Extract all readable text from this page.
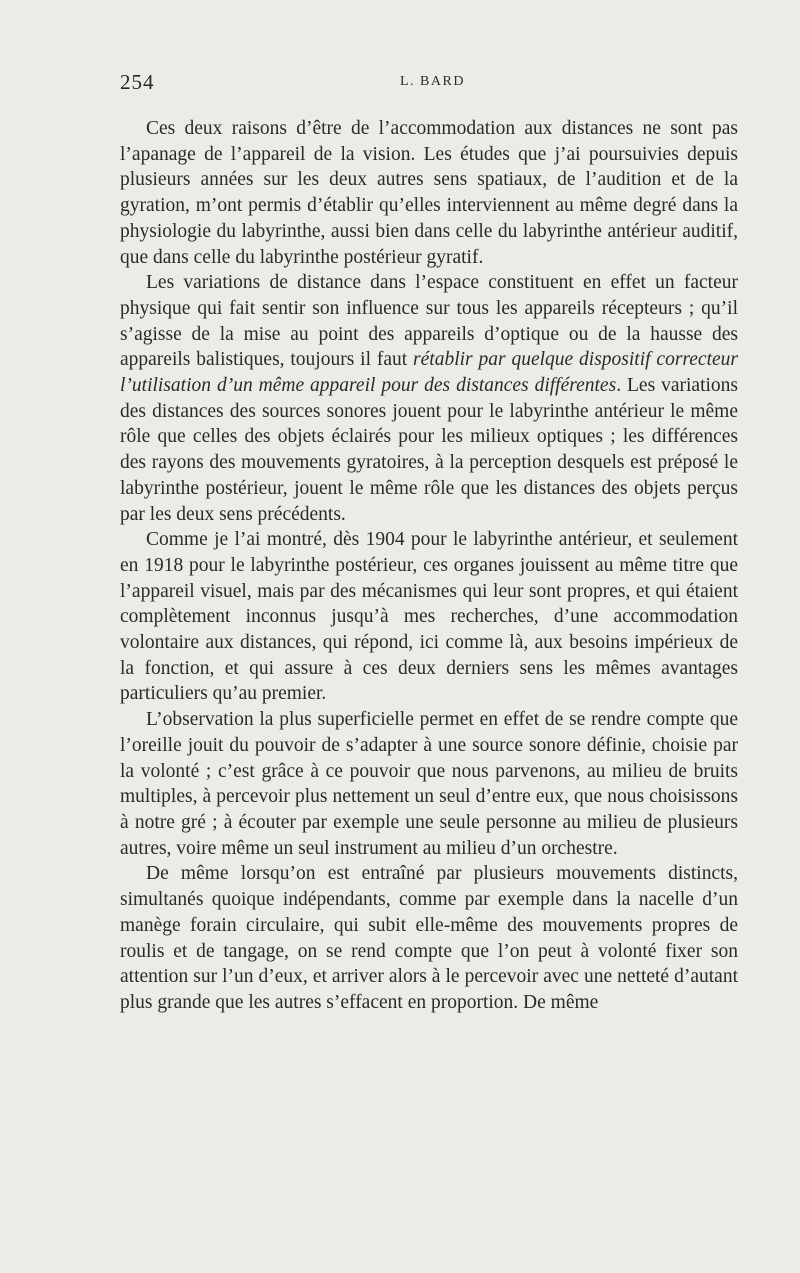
254	L. BARD

Ces deux raisons d’être de l’accommodation aux distances ne sont pas l’apanage de l’appareil de la vision. Les études que j’ai poursuivies depuis plusieurs années sur les deux autres sens spatiaux, de l’audition et de la gyration, m’ont permis d’établir qu’elles interviennent au même degré dans la physiologie du labyrinthe, aussi bien dans celle du labyrinthe antérieur auditif, que dans celle du labyrinthe postérieur gyratif.

Les variations de distance dans l’espace constituent en effet un facteur physique qui fait sentir son influence sur tous les appareils récepteurs ; qu’il s’agisse de la mise au point des appareils d’optique ou de la hausse des appareils balistiques, toujours il faut rétablir par quelque dispositif correcteur l’utilisation d’un même appareil pour des distances différentes. Les variations des distances des sources sonores jouent pour le labyrinthe antérieur le même rôle que celles des objets éclairés pour les milieux optiques ; les différences des rayons des mouvements gyratoires, à la perception desquels est préposé le labyrinthe postérieur, jouent le même rôle que les distances des objets perçus par les deux sens précédents.

Comme je l’ai montré, dès 1904 pour le labyrinthe antérieur, et seulement en 1918 pour le labyrinthe postérieur, ces organes jouissent au même titre que l’appareil visuel, mais par des mécanismes qui leur sont propres, et qui étaient complètement inconnus jusqu’à mes recherches, d’une accommodation volontaire aux distances, qui répond, ici comme là, aux besoins impérieux de la fonction, et qui assure à ces deux derniers sens les mêmes avantages particuliers qu’au premier.

L’observation la plus superficielle permet en effet de se rendre compte que l’oreille jouit du pouvoir de s’adapter à une source sonore définie, choisie par la volonté ; c’est grâce à ce pouvoir que nous parvenons, au milieu de bruits multiples, à percevoir plus nettement un seul d’entre eux, que nous choisissons à notre gré ; à écouter par exemple une seule personne au milieu de plusieurs autres, voire même un seul instrument au milieu d’un orchestre.

De même lorsqu’on est entraîné par plusieurs mouvements distincts, simultanés quoique indépendants, comme par exemple dans la nacelle d’un manège forain circulaire, qui subit elle-même des mouvements propres de roulis et de tangage, on se rend compte que l’on peut à volonté fixer son attention sur l’un d’eux, et arriver alors à le percevoir avec une netteté d’autant plus grande que les autres s’effacent en proportion. De même
